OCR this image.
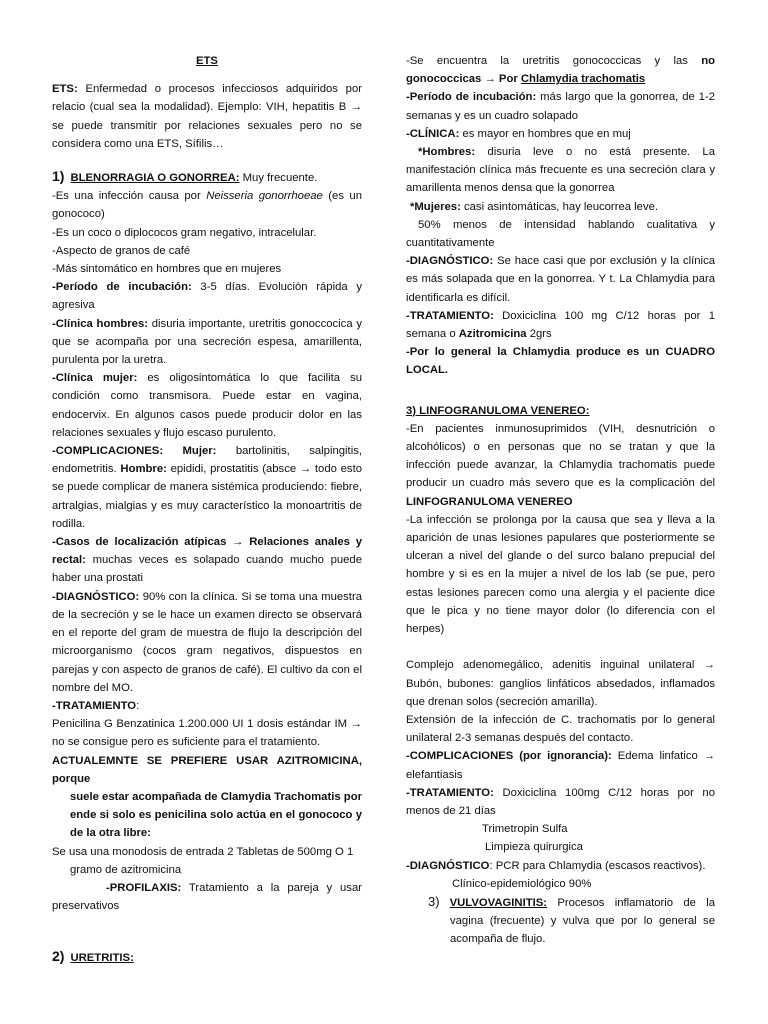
ETS

ETS: Enfermedad o procesos infecciosos adquiridos por relacio (cual sea la modalidad). Ejemplo: VIH, hepatitis B → se puede transmitir por relaciones sexuales pero no se considera como una ETS, Sífilis…

1) BLENORRAGIA O GONORREA: Muy frecuente.

-Es una infección causa por Neisseria gonorrhoeae (es un gonococo)

-Es un coco o diplococos gram negativo, intracelular.

-Aspecto de granos de café

-Más sintomático en hombres que en mujeres

-Período de incubación: 3-5 días. Evolución rápida y agresiva

-Clínica hombres: disuria importante, uretritis gonoccocica y que se acompaña por una secreción espesa, amarillenta, purulenta por la uretra.

-Clínica mujer: es oligosintomática lo que facilita su condición como transmisora. Puede estar en vagina, endocervix. En algunos casos puede producir dolor en las relaciones sexuales y flujo escaso purulento.

-COMPLICACIONES: Mujer: bartolinitis, salpingitis, endometritis. Hombre: epididi, prostatitis (absce → todo esto se puede complicar de manera sistémica produciendo: fiebre, artralgias, mialgias y es muy característico la monoartritis de rodilla.

-Casos de localización atípicas → Relaciones anales y rectal: muchas veces es solapado cuando mucho puede haber una prostati

-DIAGNÓSTICO: 90% con la clínica. Si se toma una muestra de la secreción y se le hace un examen directo se observará en el reporte del gram de muestra de flujo la descripción del microorganismo (cocos gram negativos, dispuestos en parejas y con aspecto de granos de café). El cultivo da con el nombre del MO.

-TRATAMIENTO:

Penicilina G Benzatinica 1.200.000 UI 1 dosis estándar IM → no se consigue pero es suficiente para el tratamiento.

ACTUALEMNTE SE PREFIERE USAR AZITROMICINA, porque

suele estar acompañada de Clamydia Trachomatis por ende si solo es penicilina solo actúa en el gonococo y de la otra libre:

Se usa una monodosis de entrada 2 Tabletas de 500mg O 1

gramo de azitromicina

-PROFILAXIS: Tratamiento a la pareja y usar preservativos

2) URETRITIS:

-Se encuentra la uretritis gonococcicas y las no gonococcicas → Por Chlamydia trachomatis

-Período de incubación: más largo que la gonorrea, de 1-2 semanas y es un cuadro solapado

-CLÍNICA: es mayor en hombres que en muj

*Hombres: disuria leve o no está presente. La manifestación clínica más frecuente es una secreción clara y amarillenta menos densa que la gonorrea

*Mujeres: casi asintomáticas, hay leucorrea leve.

50% menos de intensidad hablando cualitativa y cuantitativamente

-DIAGNÓSTICO: Se hace casi que por exclusión y la clínica es más solapada que en la gonorrea. Y t. La Chlamydia para identificarla es difícil.

-TRATAMIENTO: Doxiciclina 100 mg C/12 horas por 1 semana o Azitromicina 2grs

-Por lo general la Chlamydia produce es un CUADRO LOCAL.

3) LINFOGRANULOMA VENEREO:

-En pacientes inmunosuprimidos (VIH, desnutrición o alcohólicos) o en personas que no se tratan y que la infección puede avanzar, la Chlamydia trachomatis puede producir un cuadro más severo que es la complicación del LINFOGRANULOMA VENEREO

-La infección se prolonga por la causa que sea y lleva a la aparición de unas lesiones papulares que posteriormente se ulceran a nivel del glande o del surco balano prepucial del hombre y si es en la mujer a nivel de los lab (se pue, pero estas lesiones parecen como una alergia y el paciente dice que le pica y no tiene mayor dolor (lo diferencia con el herpes)

Complejo adenomegálico, adenitis inguinal unilateral → Bubón, bubones: ganglios linfáticos absedados, inflamados que drenan solos (secreción amarilla).

Extensión de la infección de C. trachomatis por lo general unilateral 2-3 semanas después del contacto.

-COMPLICACIONES (por ignorancia): Edema linfatico → elefantiasis

-TRATAMIENTO: Doxiciclina 100mg C/12 horas por no menos de 21 días

Trimetropin Sulfa

Limpieza quirurgica

-DIAGNÓSTICO: PCR para Chlamydia (escasos reactivos).

Clínico-epidemiológico 90%

3) VULVOVAGINITIS: Procesos inflamatorio de la vagina (frecuente) y vulva que por lo general se acompaña de flujo.
